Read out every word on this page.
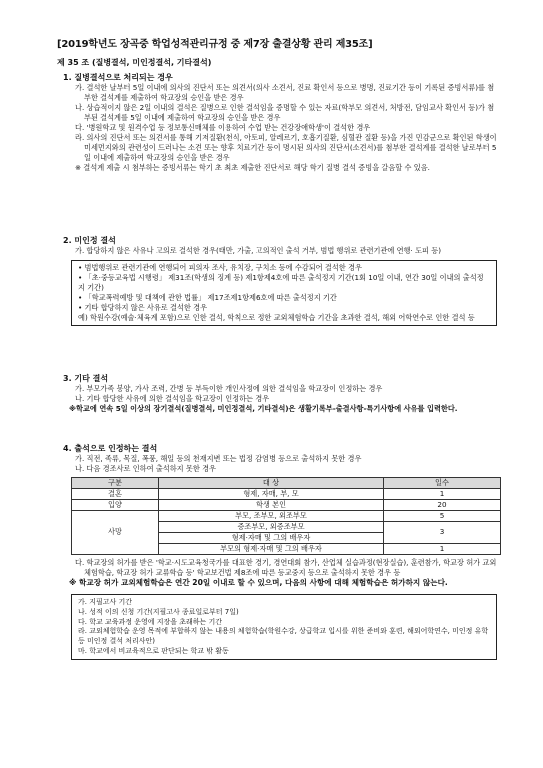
[2019학년도 장곡중 학업성적관리규정 중 제7장 출결상황 관리 제35조]
제 35 조 (질병결석, 미인정결석, 기타결석)

1. 질병결석으로 처리되는 경우

가. 결석한 날부터 5일 이내에 의사의 진단서 또는 의견서(의사 소견서, 진료 확인서 등으로 병명, 진료기간 등이 기록된 증빙서류)를 첨부한 결석계를 제출하여 학교장의 승인을 받은 경우

나. 상습적이지 않은 2일 이내의 결석은 질병으로 인한 결석임을 증명할 수 있는 자료(학부모 의견서, 처방전, 담임교사 확인서 등)가 첨부된 결석계를 5일 이내에 제출하여 학교장의 승인을 받은 경우

다. '병원학교 및 원격수업 등 정보통신매체를 이용하여 수업 받는 건강장애학생'이 결석한 경우

라. 의사의 진단서 또는 의견서를 통해 기저질환(천식, 아토피, 알레르기, 호흡기질환, 심혈관 질환 등)을 가진 민감군으로 확인된 학생이 미세먼지와의 관련성이 드러나는 소견 또는 향후 치료기간 등이 명시된 의사의 진단서(소견서)를 첨부한 결석계를 결석한 날로부터 5일 이내에 제출하여 학교장의 승인을 받은 경우

※ 결석계 제출 시 첨부하는 증빙서류는 학기 초 최초 제출한 진단서로 해당 학기 질병 결석 증빙을 갈음할 수 있음.

2. 미인정 결석

가. 합당하지 않은 사유나 고의로 결석한 경우(태만, 가출, 고의적인 출석 거부, 범법 행위로 관련기관에 연행· 도피 등)

• 범법행위로 관련기관에 연행되어 피의자 조사, 유치장, 구치소 등에 수감되어 결석한 경우

• 「초·중등교육법 시행령」 제31조(학생의 징계 등) 제1항제4호에 따른 출석정지 기간(1회 10일 이내, 연간 30일 이내의 출석정지 기간)

• 「학교폭력예방 및 대책에 관한 법률」 제17조제1항제6호에 따른 출석정지 기간

• 기타 합당하지 않은 사유로 결석한 경우

예) 학원수강(예술·체육계 포함)으로 인한 결석, 학칙으로 정한 교외체험학습 기간을 초과한 결석, 해외 어학연수로 인한 결석 등

3. 기타 결석

가. 부모가족 봉양, 가사 조력, 간병 등 부득이한 개인사정에 의한 결석임을 학교장이 인정하는 경우

나. 기타 합당한 사유에 의한 결석임을 학교장이 인정하는 경우

※학교에 연속 5일 이상의 장기결석(질병결석, 미인정결석, 기타결석)은 생활기록부-출결사항-특기사항에 사유를 입력한다.

4. 출석으로 인정하는 결석

가. 직전, 족류, 목질, 폭풍, 해일 등의 천재지변 또는 법정 감염병 등으로 출석하지 못한 경우

나. 다음 경조사로 인하여 출석하지 못한 경우

구분	대 상	일수
결혼	형제, 자매, 부, 모	1
입양	학생 본인	20
사망	부모, 조부모, 외조부모	5
	증조부모, 외증조부모	3
	형제·자매 및 그의 배우자	
	부모의 형제·자매 및 그의 배우자	1

다. 학교장의 허가를 받은 '학교·시도교육청국가를 대표한 경기, 경연대회 참가, 산업체 실습과정(현장실습), 훈련참가, 학교장 허가 교외체험학습, 학교장 허가 교류학습 등' 학교보건법 제8조에 따른 등교중지 등으로 출석하지 못한 경우 등

※ 학교장 허가 교외체험학습은 연간 20일 이내로 할 수 있으며, 다음의 사항에 대해 체험학습은 허가하지 않는다.

가. 지필고사 기간

나. 성적 이의 신청 기간(지필고사 종료일로부터 7일)

다. 학교 교육과정 운영에 지장을 초래하는 기간

라. 교외체험학습 운영 목적에 부합하지 않는 내용의 체험학습(학원수강, 상급학교 입시를 위한 준비와 훈련, 해외어학연수, 미인정 유학 등 미인정 결석 처리사안)

마. 학교에서 비교육적으로 판단되는 학교 밖 활동
